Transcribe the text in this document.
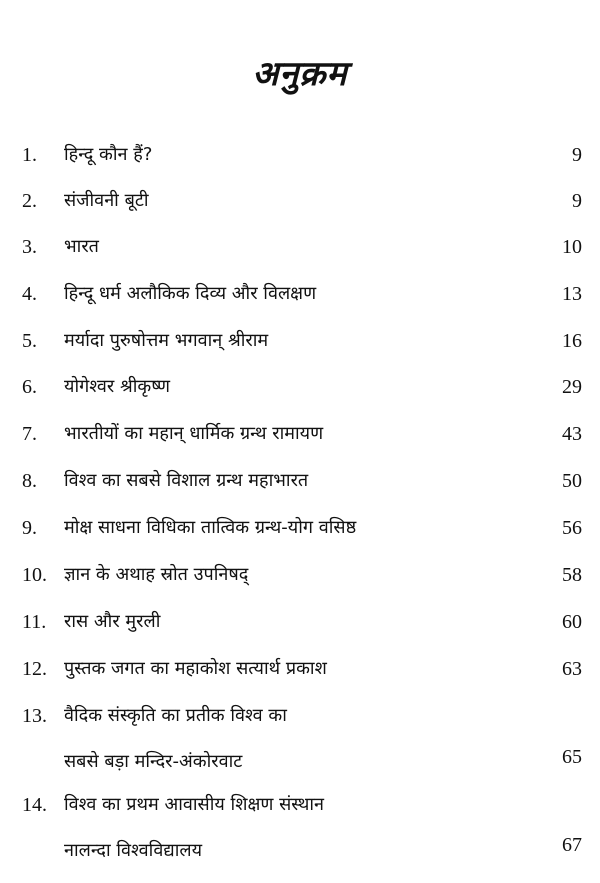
अनुक्रम
1.	हिन्दू कौन हैं?	9
2.	संजीवनी बूटी	9
3.	भारत	10
4.	हिन्दू धर्म अलौकिक दिव्य और विलक्षण	13
5.	मर्यादा पुरुषोत्तम भगवान् श्रीराम	16
6.	योगेश्वर श्रीकृष्ण	29
7.	भारतीयों का महान् धार्मिक ग्रन्थ रामायण	43
8.	विश्व का सबसे विशाल ग्रन्थ महाभारत	50
9.	मोक्ष साधना विधिका तात्विक ग्रन्थ-योग वसिष्ठ	56
10. ज्ञान के अथाह स्रोत उपनिषद्	58
11. रास और मुरली	60
12. पुस्तक जगत का महाकोश सत्यार्थ प्रकाश	63
13. वैदिक संस्कृति का प्रतीक विश्व का
सबसे बड़ा मन्दिर-अंकोरवाट	65
14. विश्व का प्रथम आवासीय शिक्षण संस्थान
नालन्दा विश्वविद्यालय	67
